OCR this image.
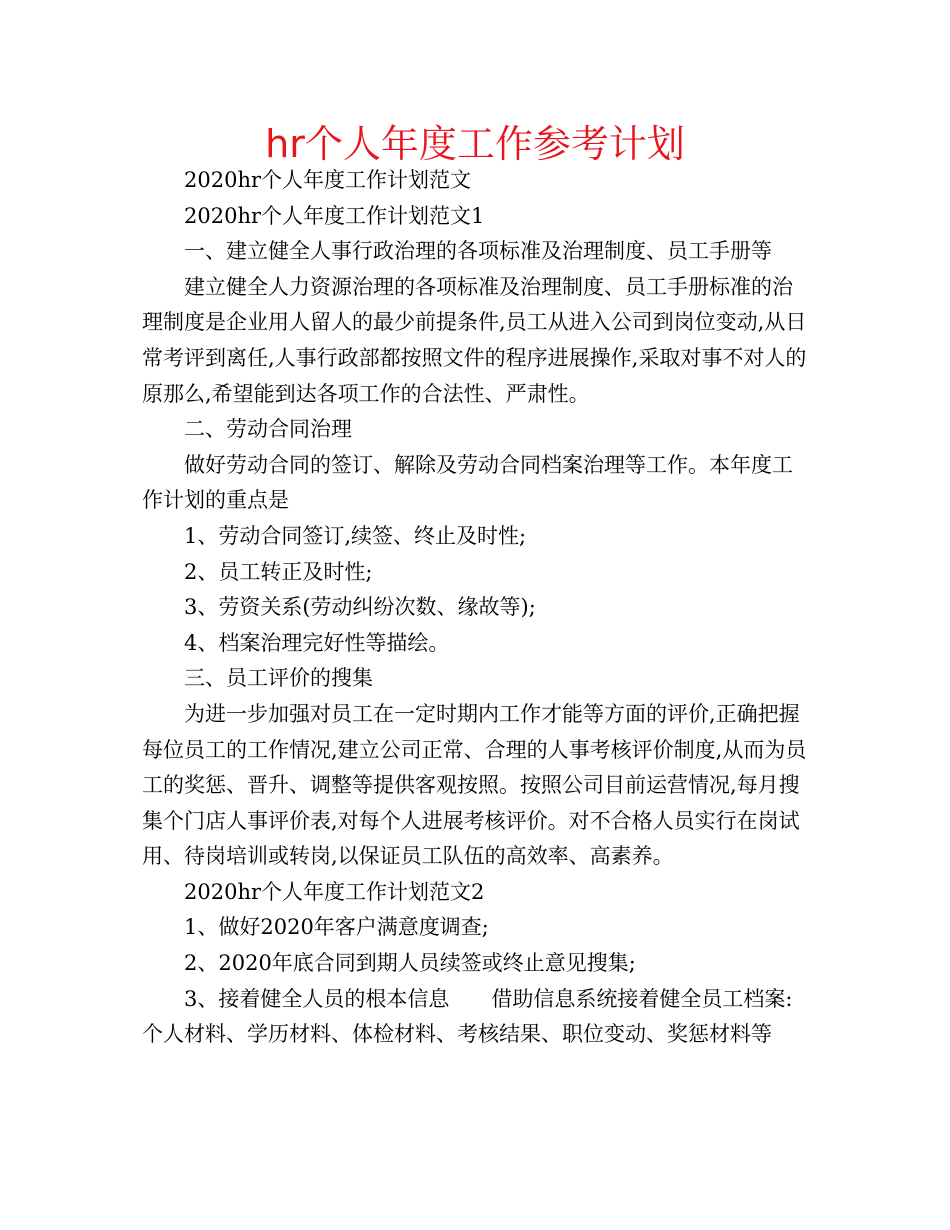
hr个人年度工作参考计划

2020hr个人年度工作计划范文

2020hr个人年度工作计划范文1

一、建立健全人事行政治理的各项标准及治理制度、员工手册等

建立健全人力资源治理的各项标准及治理制度、员工手册标准的治理制度是企业用人留人的最少前提条件,员工从进入公司到岗位变动,从日常考评到离任,人事行政部都按照文件的程序进展操作,采取对事不对人的原那么,希望能到达各项工作的合法性、严肃性。

二、劳动合同治理

做好劳动合同的签订、解除及劳动合同档案治理等工作。本年度工作计划的重点是

1、劳动合同签订,续签、终止及时性;

2、员工转正及时性;

3、劳资关系(劳动纠纷次数、缘故等);

4、档案治理完好性等描绘。

三、员工评价的搜集

为进一步加强对员工在一定时期内工作才能等方面的评价,正确把握每位员工的工作情况,建立公司正常、合理的人事考核评价制度,从而为员工的奖惩、晋升、调整等提供客观按照。按照公司目前运营情况,每月搜集个门店人事评价表,对每个人进展考核评价。对不合格人员实行在岗试用、待岗培训或转岗,以保证员工队伍的高效率、高素养。

2020hr个人年度工作计划范文2

1、做好2020年客户满意度调查;

2、2020年底合同到期人员续签或终止意见搜集;

3、接着健全人员的根本信息　　借助信息系统接着健全员工档案:个人材料、学历材料、体检材料、考核结果、职位变动、奖惩材料等
